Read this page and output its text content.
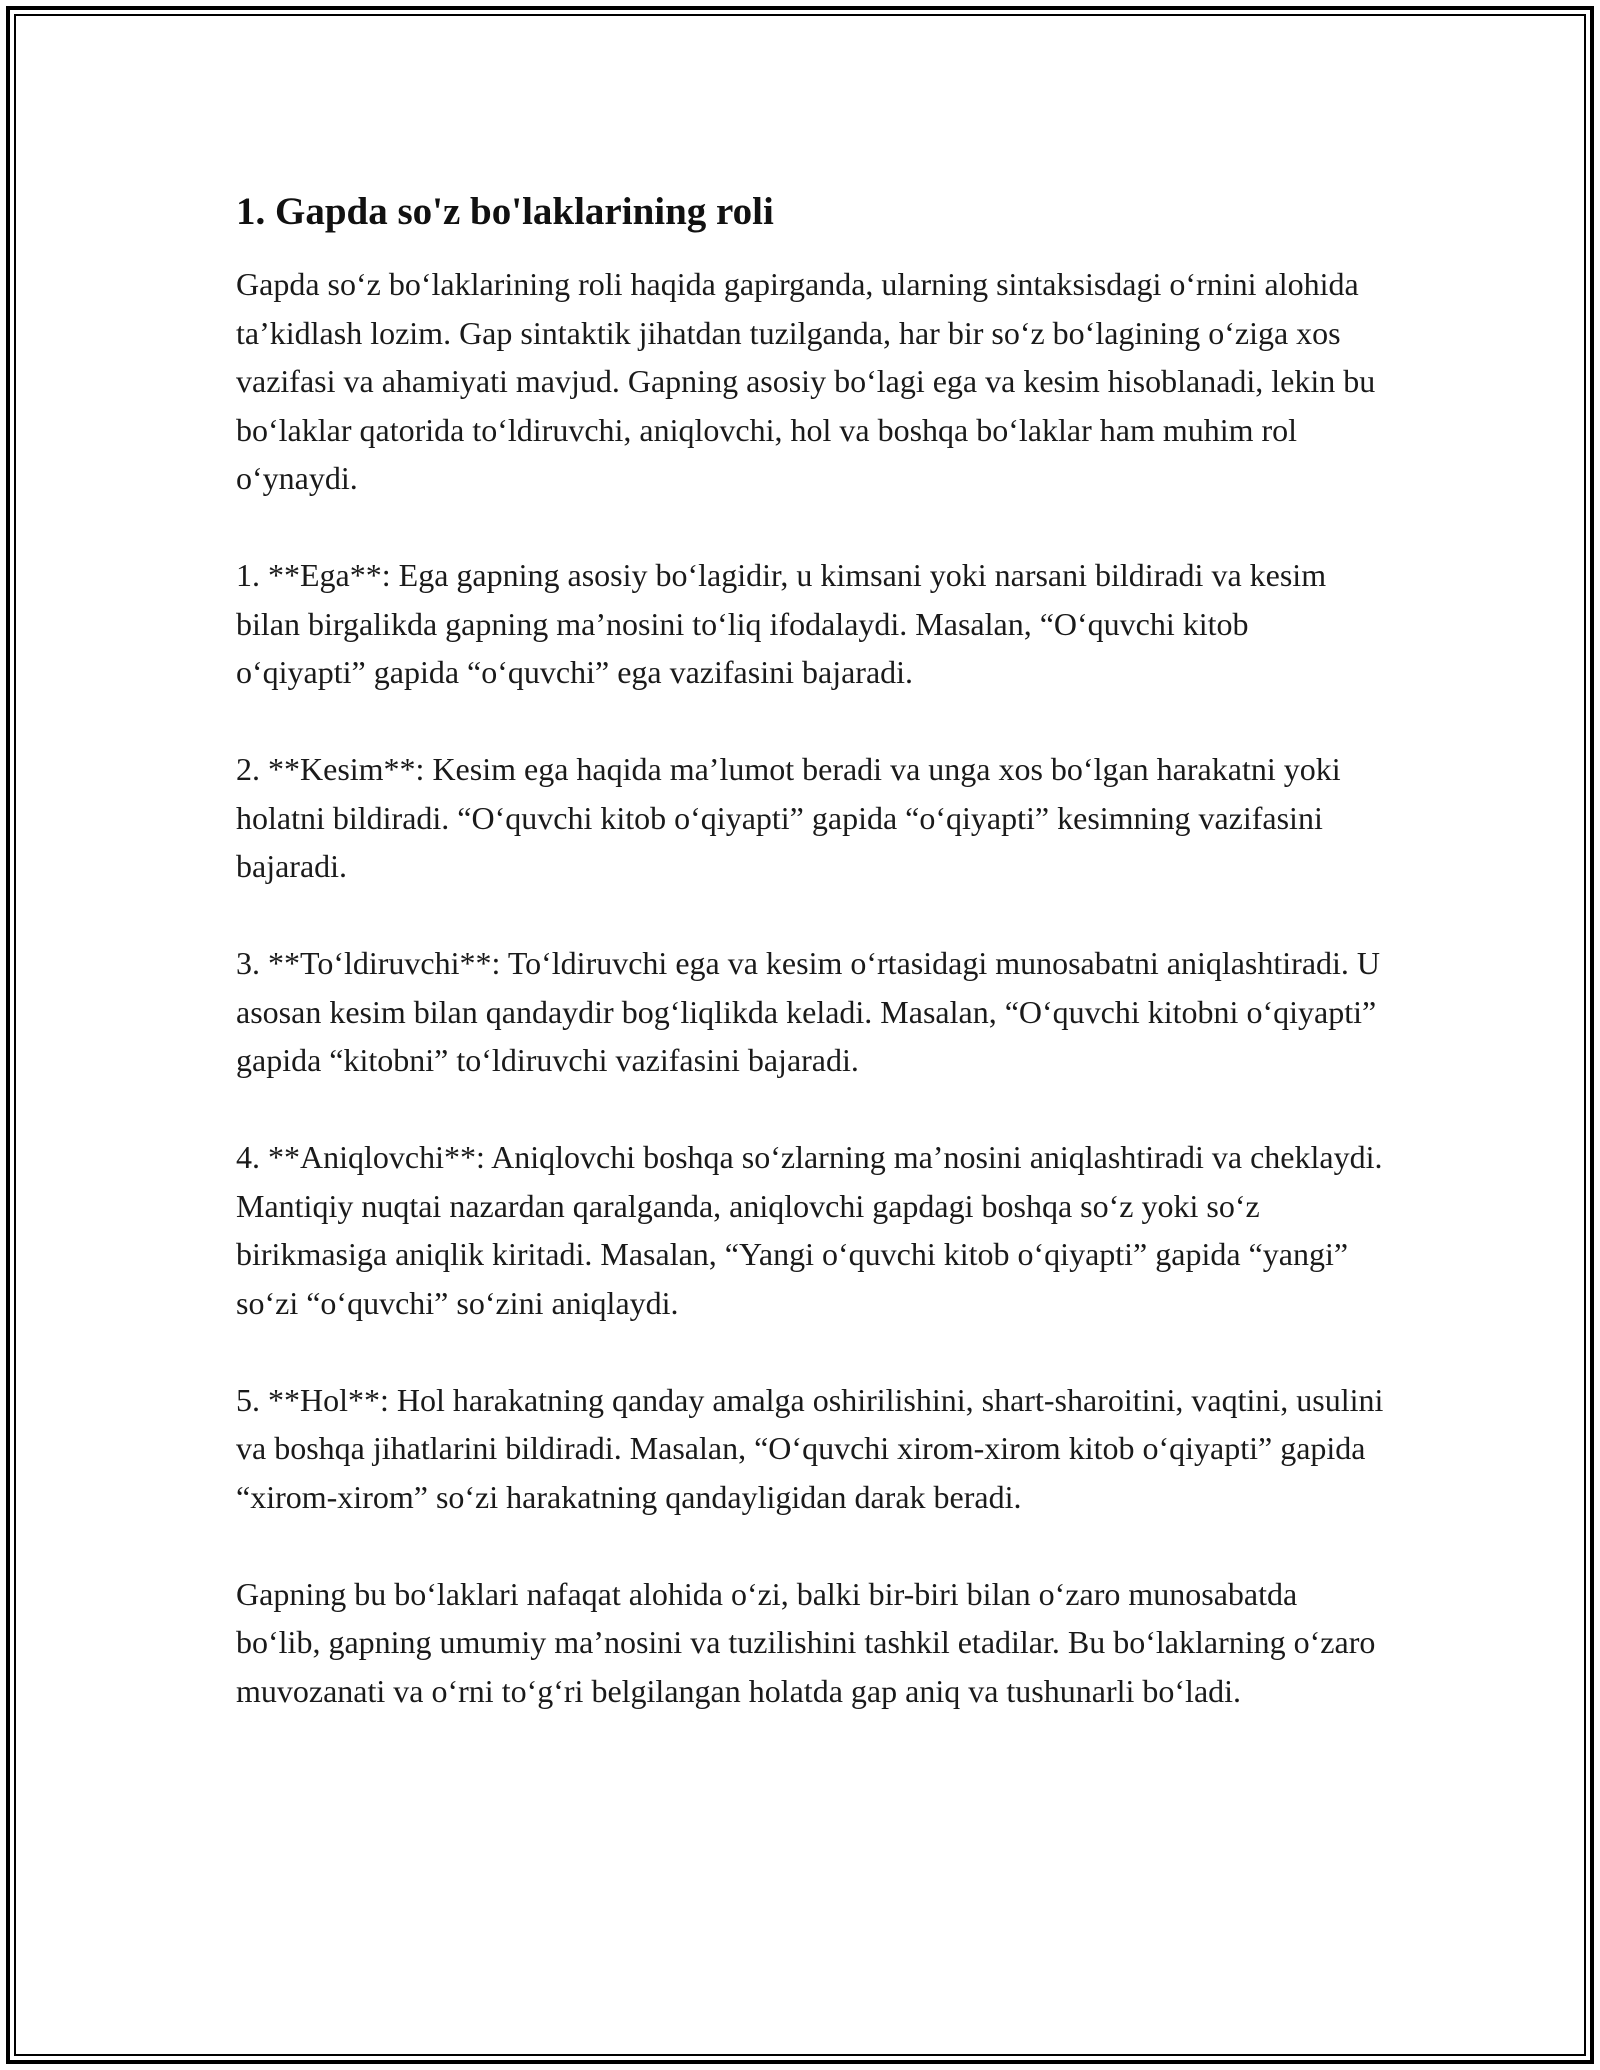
1. Gapda so'z bo'laklarining roli

Gapda so‘z bo‘laklarining roli haqida gapirganda, ularning sintaksisdagi o‘rnini alohida ta’kidlash lozim. Gap sintaktik jihatdan tuzilganda, har bir so‘z bo‘lagining o‘ziga xos vazifasi va ahamiyati mavjud. Gapning asosiy bo‘lagi ega va kesim hisoblanadi, lekin bu bo‘laklar qatorida to‘ldiruvchi, aniqlovchi, hol va boshqa bo‘laklar ham muhim rol o‘ynaydi.

1. **Ega**: Ega gapning asosiy bo‘lagidir, u kimsani yoki narsani bildiradi va kesim bilan birgalikda gapning ma’nosini to‘liq ifodalaydi. Masalan, “O‘quvchi kitob o‘qiyapti” gapida “o‘quvchi” ega vazifasini bajaradi.

2. **Kesim**: Kesim ega haqida ma’lumot beradi va unga xos bo‘lgan harakatni yoki holatni bildiradi. “O‘quvchi kitob o‘qiyapti” gapida “o‘qiyapti” kesimning vazifasini bajaradi.

3. **To‘ldiruvchi**: To‘ldiruvchi ega va kesim o‘rtasidagi munosabatni aniqlashtiradi. U asosan kesim bilan qandaydir bog‘liqlikda keladi. Masalan, “O‘quvchi kitobni o‘qiyapti” gapida “kitobni” to‘ldiruvchi vazifasini bajaradi.

4. **Aniqlovchi**: Aniqlovchi boshqa so‘zlarning ma’nosini aniqlashtiradi va cheklaydi. Mantiqiy nuqtai nazardan qaralganda, aniqlovchi gapdagi boshqa so‘z yoki so‘z birikmasiga aniqlik kiritadi. Masalan, “Yangi o‘quvchi kitob o‘qiyapti” gapida “yangi” so‘zi “o‘quvchi” so‘zini aniqlaydi.

5. **Hol**: Hol harakatning qanday amalga oshirilishini, shart-sharoitini, vaqtini, usulini va boshqa jihatlarini bildiradi. Masalan, “O‘quvchi xirom-xirom kitob o‘qiyapti” gapida “xirom-xirom” so‘zi harakatning qandayligidan darak beradi.

Gapning bu bo‘laklari nafaqat alohida o‘zi, balki bir-biri bilan o‘zaro munosabatda bo‘lib, gapning umumiy ma’nosini va tuzilishini tashkil etadilar. Bu bo‘laklarning o‘zaro muvozanati va o‘rni to‘g‘ri belgilangan holatda gap aniq va tushunarli bo‘ladi.
